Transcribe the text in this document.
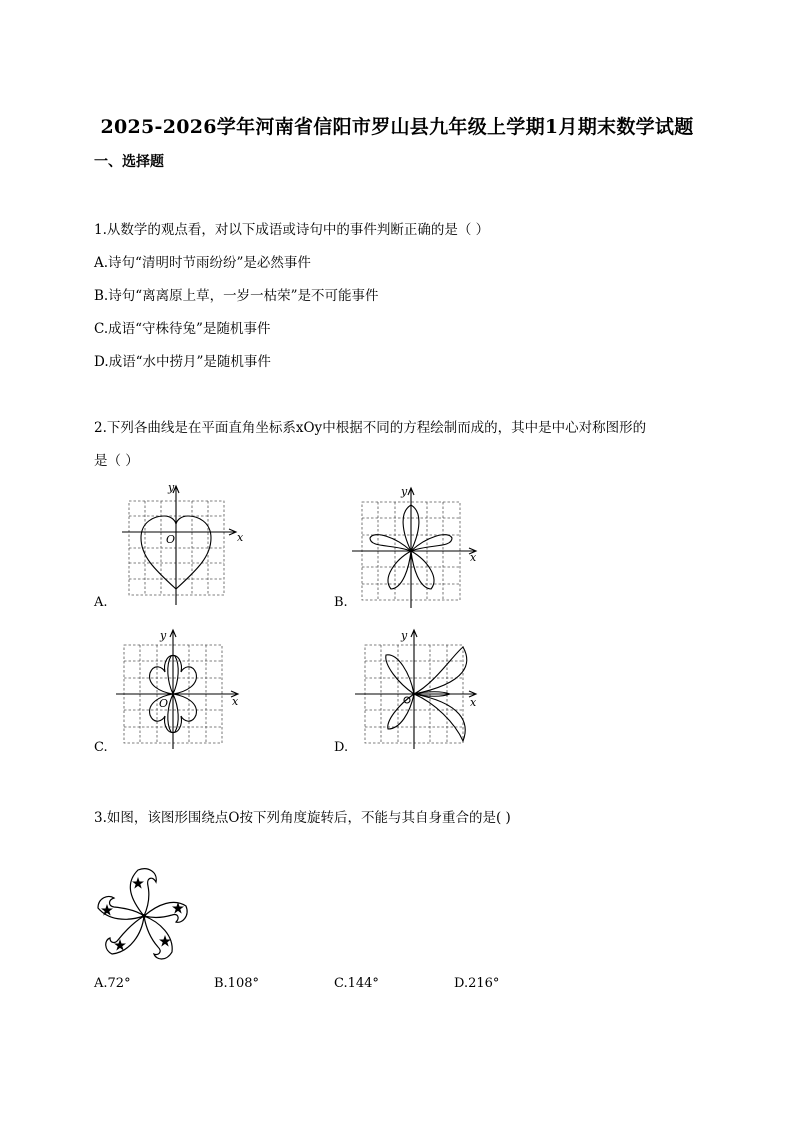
2025-2026学年河南省信阳市罗山县九年级上学期1月期末数学试题
一、选择题
1.从数学的观点看，对以下成语或诗句中的事件判断正确的是（ ）
A.诗句“清明时节雨纷纷”是必然事件
B.诗句“离离原上草，一岁一枯荣”是不可能事件
C.成语“守株待兔”是随机事件
D.成语“水中捞月”是随机事件
2.下列各曲线是在平面直角坐标系xOy中根据不同的方程绘制而成的，其中是中心对称图形的
是（ ）
x
y
O
A.
x
y
B.
x
y
O
C.
x
y
D.
3.如图，该图形围绕点O按下列角度旋转后，不能与其自身重合的是( )
A.72°	B.108°	C.144°	D.216°
